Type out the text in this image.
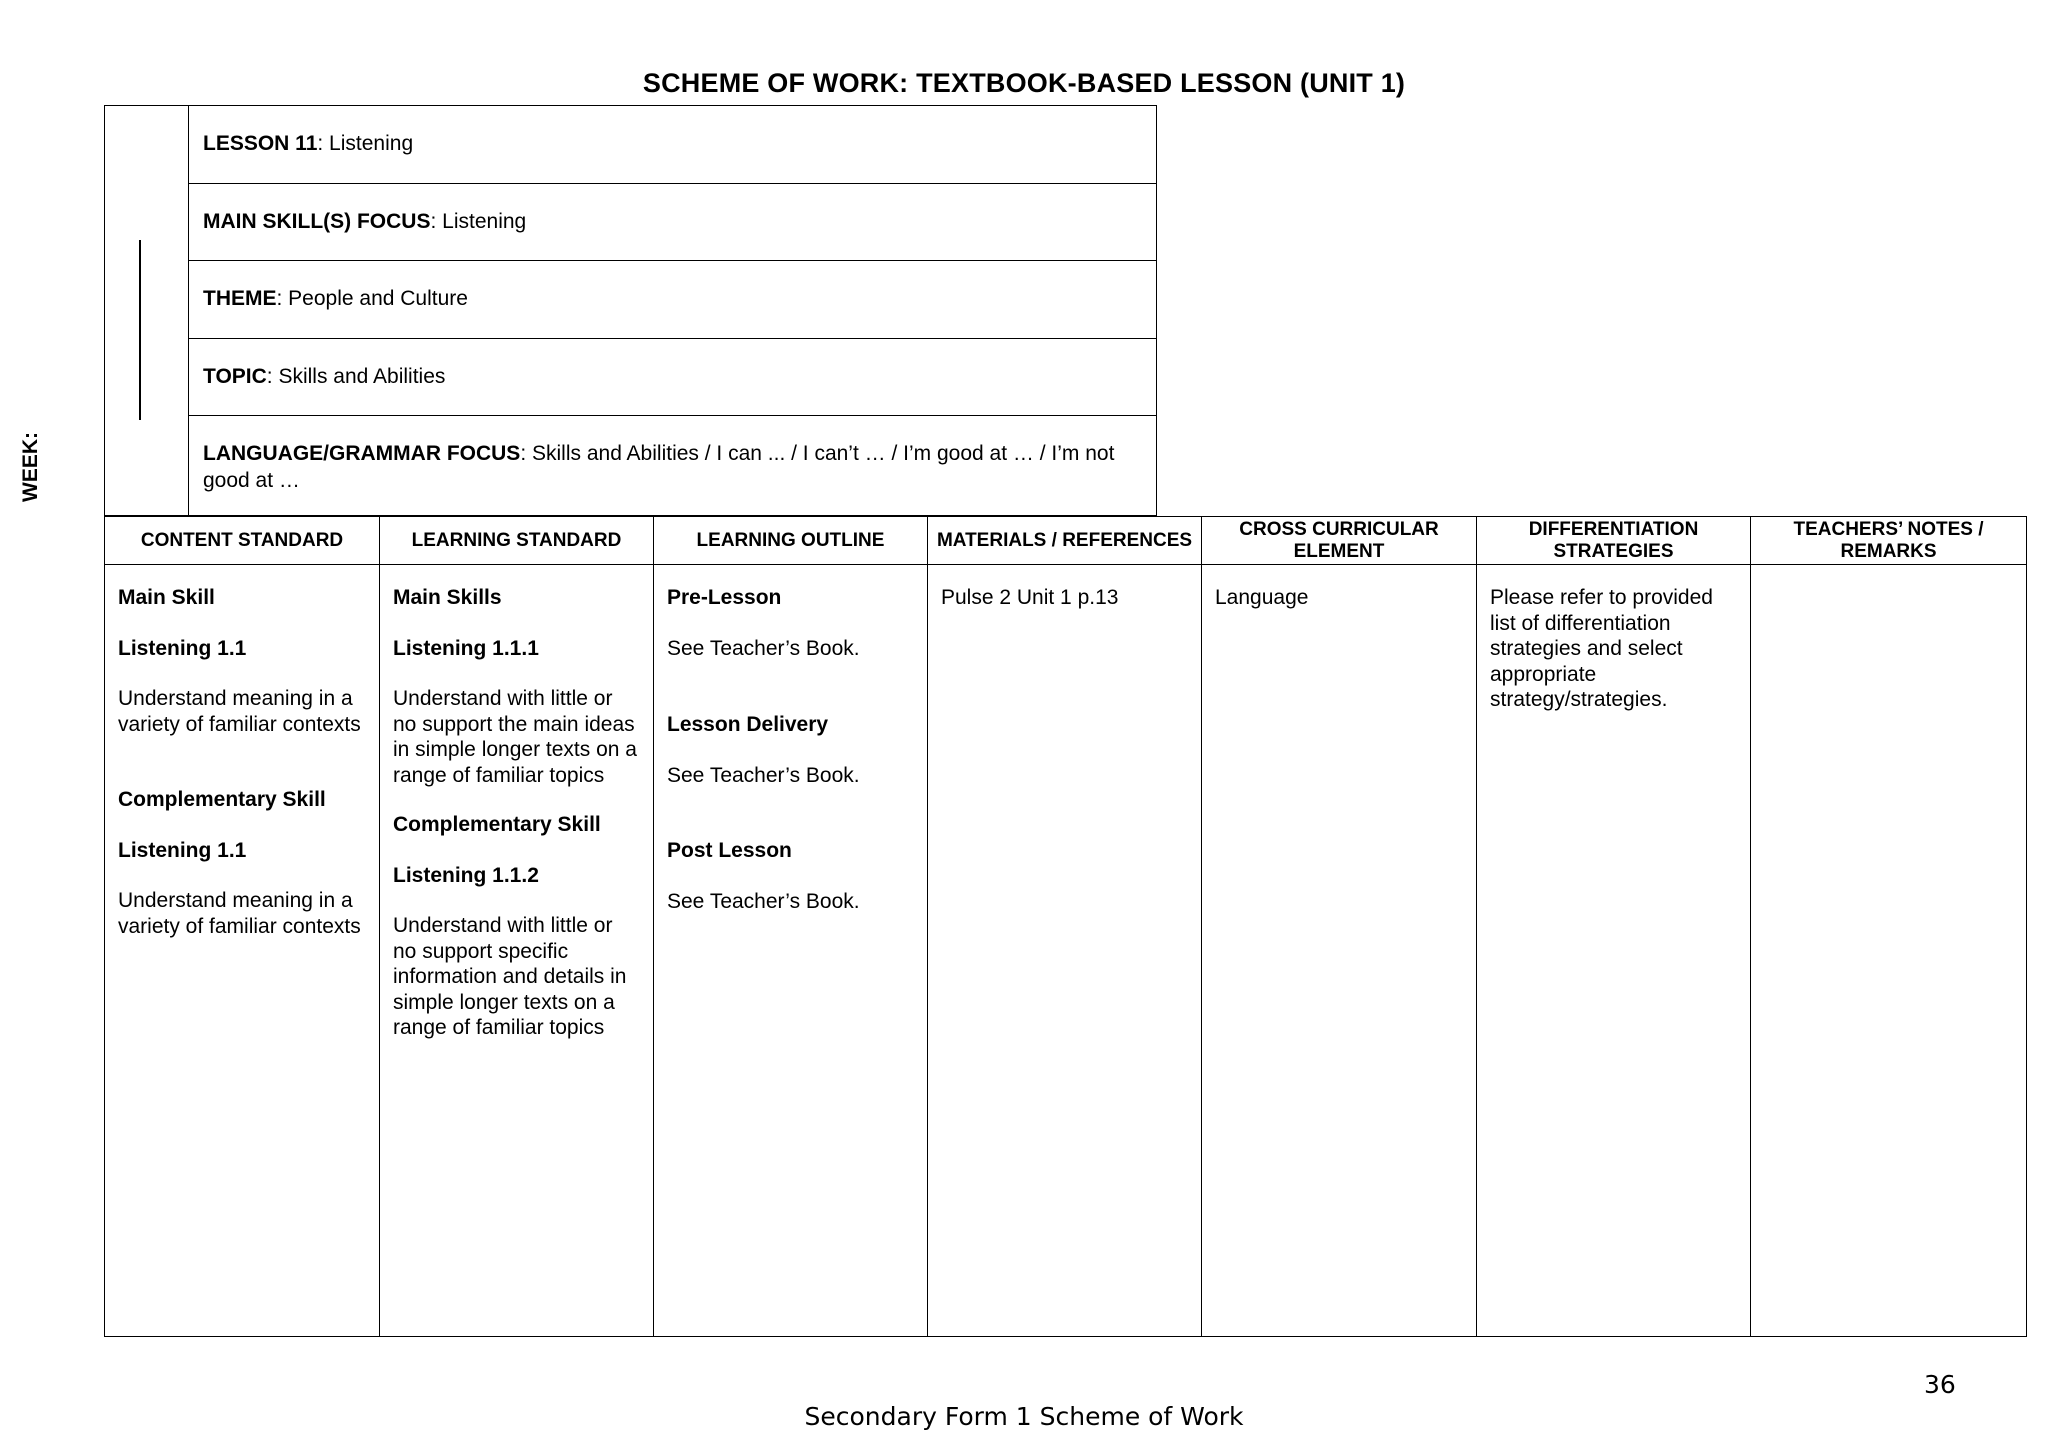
SCHEME OF WORK: TEXTBOOK-BASED LESSON (UNIT 1)
LESSON 11: Listening
MAIN SKILL(S) FOCUS: Listening
THEME: People and Culture
TOPIC: Skills and Abilities
LANGUAGE/GRAMMAR FOCUS: Skills and Abilities / I can ... / I can’t … / I’m good at … / I’m not good at …
WEEK:
CONTENT STANDARD

Main Skill

Listening 1.1

Understand meaning in a variety of familiar contexts

Complementary Skill

Listening 1.1

Understand meaning in a variety of familiar contexts

LEARNING STANDARD

Main Skills

Listening 1.1.1

Understand with little or no support the main ideas in simple longer texts on a range of familiar topics

Complementary Skill

Listening 1.1.2

Understand with little or no support specific information and details in simple longer texts on a range of familiar topics

LEARNING OUTLINE

Pre-Lesson

See Teacher’s Book.

Lesson Delivery

See Teacher’s Book.

Post Lesson

See Teacher’s Book.

MATERIALS / REFERENCES

Pulse 2 Unit 1 p.13

CROSS CURRICULAR ELEMENT

Language

DIFFERENTIATION STRATEGIES

Please refer to provided list of differentiation strategies and select appropriate strategy/strategies.

TEACHERS’ NOTES / REMARKS

36
Secondary Form 1 Scheme of Work
